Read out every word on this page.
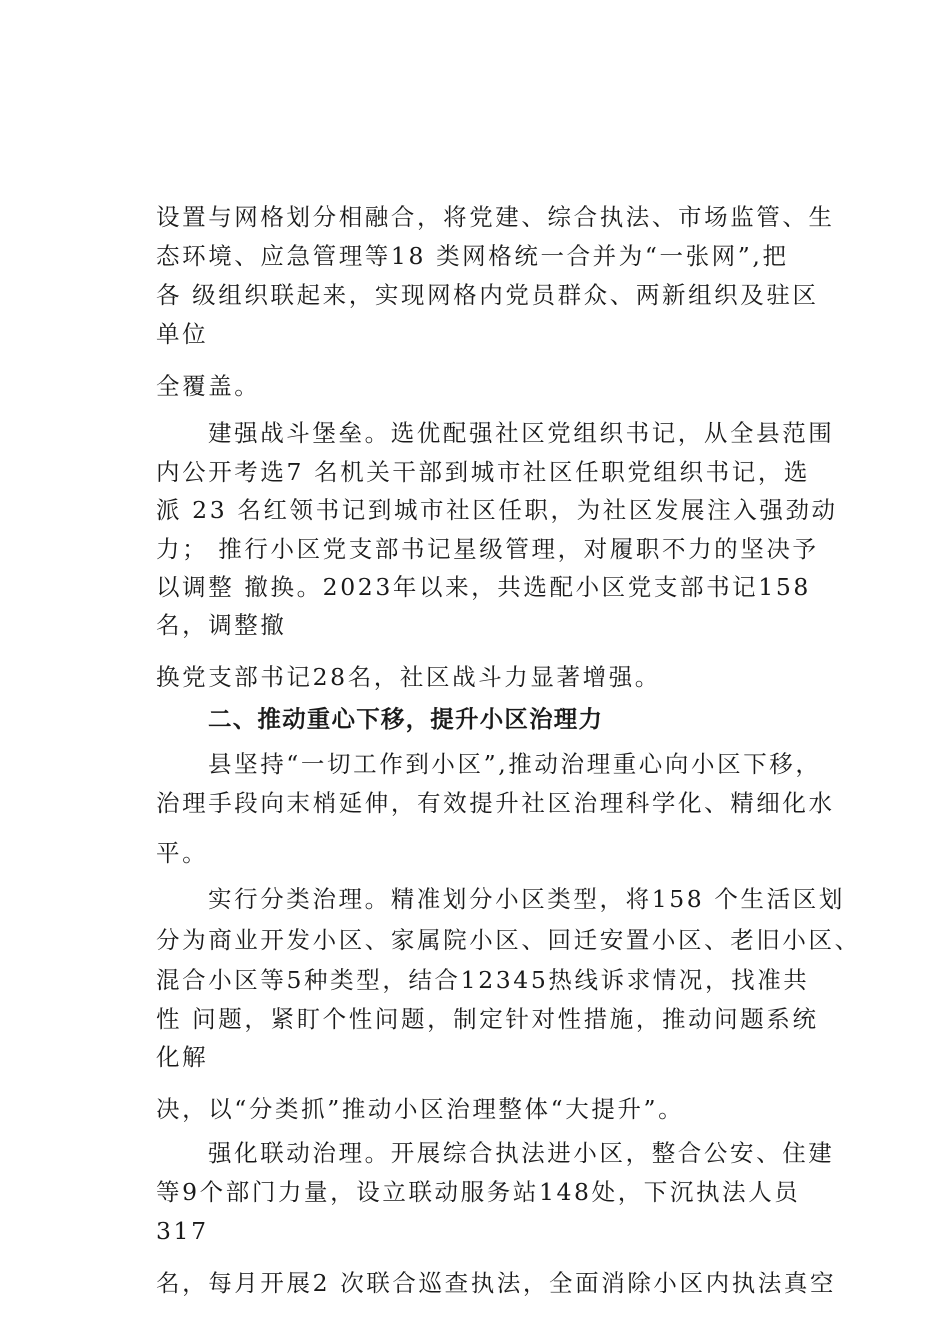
设置与网格划分相融合，将党建、综合执法、市场监管、生
态环境、应急管理等18 类网格统一合并为“一张网”,把
各 级组织联起来，实现网格内党员群众、两新组织及驻区
单位
全覆盖。
建强战斗堡垒。选优配强社区党组织书记，从全县范围
内公开考选7 名机关干部到城市社区任职党组织书记，选
派 23 名红领书记到城市社区任职，为社区发展注入强劲动
力； 推行小区党支部书记星级管理，对履职不力的坚决予
以调整 撤换。2023年以来，共选配小区党支部书记158
名，调整撤
换党支部书记28名，社区战斗力显著增强。
二、推动重心下移，提升小区治理力
县坚持“一切工作到小区”,推动治理重心向小区下移，
治理手段向末梢延伸，有效提升社区治理科学化、精细化水
平。
实行分类治理。精准划分小区类型，将158 个生活区划
分为商业开发小区、家属院小区、回迁安置小区、老旧小区、
混合小区等5种类型，结合12345热线诉求情况，找准共
性 问题，紧盯个性问题，制定针对性措施，推动问题系统
化解
决，以“分类抓”推动小区治理整体“大提升”。
强化联动治理。开展综合执法进小区，整合公安、住建
等9个部门力量，设立联动服务站148处，下沉执法人员
317
名，每月开展2 次联合巡查执法，全面消除小区内执法真空
